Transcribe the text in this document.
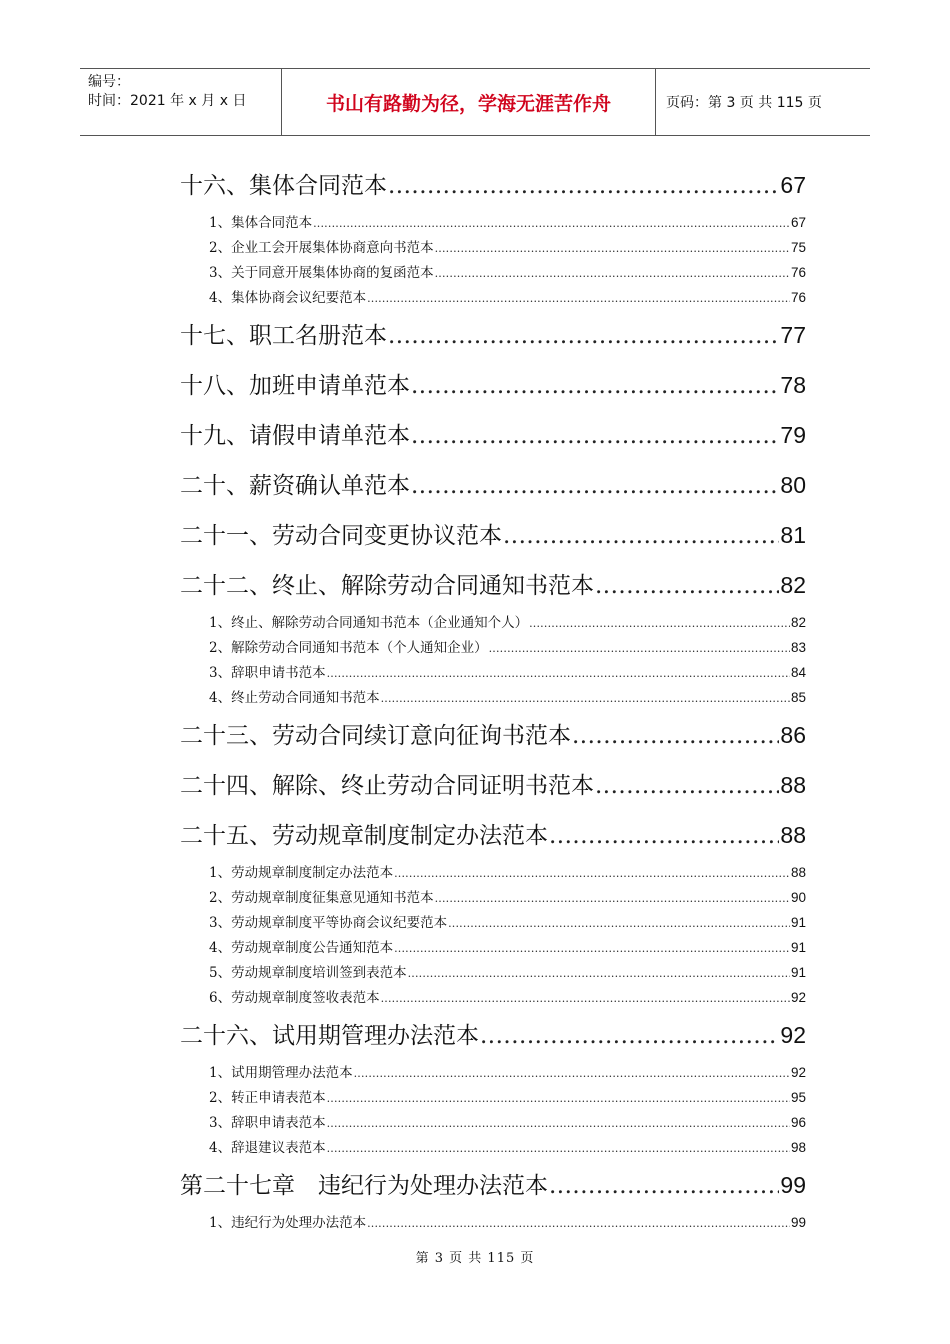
编号：
时间：2021 年 x 月 x 日	书山有路勤为径，学海无涯苦作舟	页码：第 3 页 共 115 页
十六、集体合同范本 .....	67
1、集体合同范本 .....	67
2、企业工会开展集体协商意向书范本 .....	75
3、关于同意开展集体协商的复函范本 .....	76
4、集体协商会议纪要范本 .....	76
十七、职工名册范本 .....	77
十八、加班申请单范本 .....	78
十九、请假申请单范本 .....	79
二十、薪资确认单范本 .....	80
二十一、劳动合同变更协议范本 .....	81
二十二、终止、解除劳动合同通知书范本 .....	82
1、终止、解除劳动合同通知书范本（企业通知个人） .....	82
2、解除劳动合同通知书范本（个人通知企业） .....	83
3、辞职申请书范本 .....	84
4、终止劳动合同通知书范本 .....	85
二十三、劳动合同续订意向征询书范本 .....	86
二十四、解除、终止劳动合同证明书范本 .....	88
二十五、劳动规章制度制定办法范本 .....	88
1、劳动规章制度制定办法范本 .....	88
2、劳动规章制度征集意见通知书范本 .....	90
3、劳动规章制度平等协商会议纪要范本 .....	91
4、劳动规章制度公告通知范本 .....	91
5、劳动规章制度培训签到表范本 .....	91
6、劳动规章制度签收表范本 .....	92
二十六、试用期管理办法范本 .....	92
1、试用期管理办法范本 .....	92
2、转正申请表范本 .....	95
3、辞职申请表范本 .....	96
4、辞退建议表范本 .....	98
第二十七章　违纪行为处理办法范本 .....	99
1、违纪行为处理办法范本 .....	99
第 3 页 共 115 页
